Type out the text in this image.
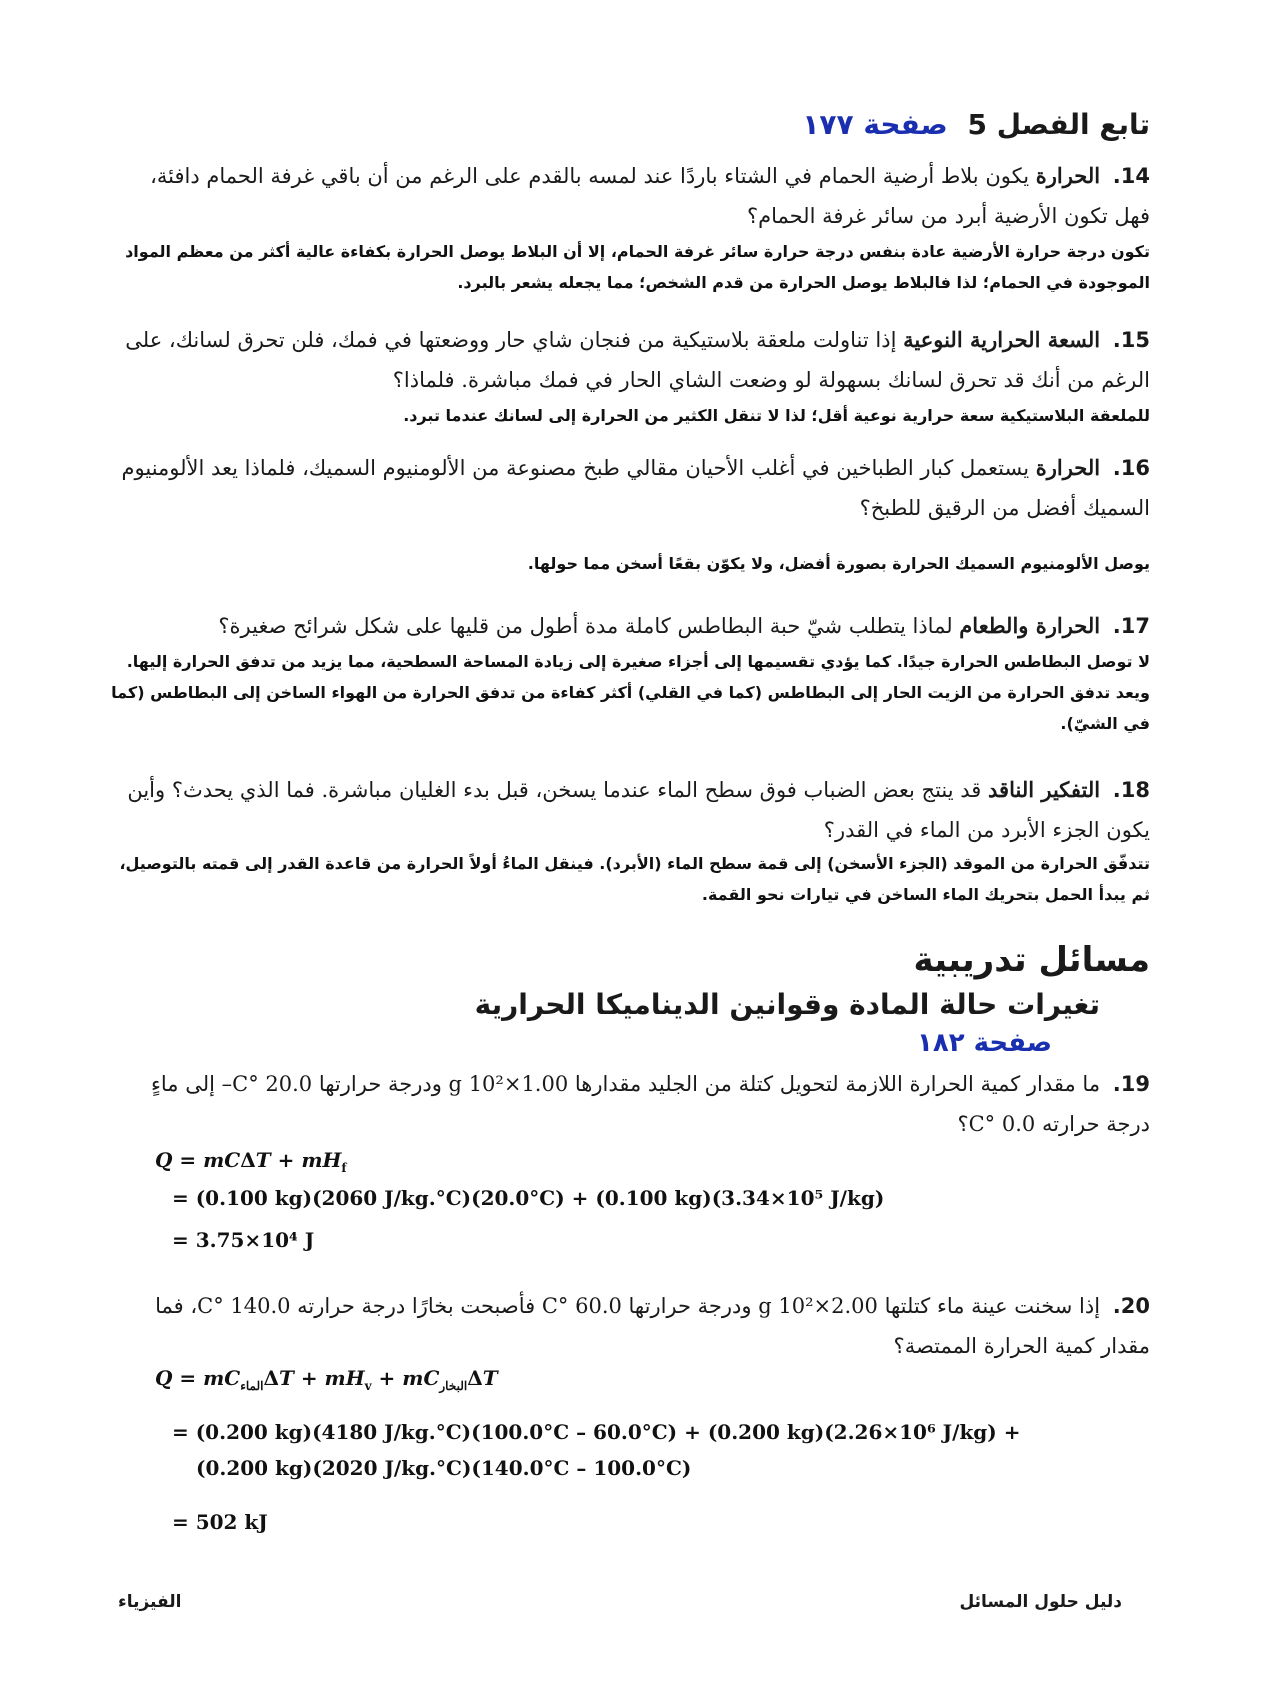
تابع الفصل 5 صفحة ١٧٧
14. الحرارة يكون بلاط أرضية الحمام في الشتاء باردًا عند لمسه بالقدم على الرغم من أن باقي غرفة الحمام دافئة، فهل تكون الأرضية أبرد من سائر غرفة الحمام؟
تكون درجة حرارة الأرضية عادة بنفس درجة حرارة سائر غرفة الحمام، إلا أن البلاط يوصل الحرارة بكفاءة عالية أكثر من معظم المواد الموجودة في الحمام؛ لذا فالبلاط يوصل الحرارة من قدم الشخص؛ مما يجعله يشعر بالبرد.
15. السعة الحرارية النوعية إذا تناولت ملعقة بلاستيكية من فنجان شاي حار ووضعتها في فمك، فلن تحرق لسانك، على الرغم من أنك قد تحرق لسانك بسهولة لو وضعت الشاي الحار في فمك مباشرة. فلماذا؟
للملعقة البلاستيكية سعة حرارية نوعية أقل؛ لذا لا تنقل الكثير من الحرارة إلى لسانك عندما تبرد.
16. الحرارة يستعمل كبار الطباخين في أغلب الأحيان مقالي طبخ مصنوعة من الألومنيوم السميك، فلماذا يعد الألومنيوم السميك أفضل من الرقيق للطبخ؟
يوصل الألومنيوم السميك الحرارة بصورة أفضل، ولا يكوّن بقعًا أسخن مما حولها.
17. الحرارة والطعام لماذا يتطلب شيّ حبة البطاطس كاملة مدة أطول من قليها على شكل شرائح صغيرة؟
لا توصل البطاطس الحرارة جيدًا. كما يؤدي تقسيمها إلى أجزاء صغيرة إلى زيادة المساحة السطحية، مما يزيد من تدفق الحرارة إليها. ويعد تدفق الحرارة من الزيت الحار إلى البطاطس (كما في القلي) أكثر كفاءة من تدفق الحرارة من الهواء الساخن إلى البطاطس (كما في الشيّ).
18. التفكير الناقد قد ينتج بعض الضباب فوق سطح الماء عندما يسخن، قبل بدء الغليان مباشرة. فما الذي يحدث؟ وأين يكون الجزء الأبرد من الماء في القدر؟
تتدفّق الحرارة من الموقد (الجزء الأسخن) إلى قمة سطح الماء (الأبرد). فينقل الماءُ أولاً الحرارة من قاعدة القدر إلى قمته بالتوصيل، ثم يبدأ الحمل بتحريك الماء الساخن في تيارات نحو القمة.
مسائل تدريبية
تغيرات حالة المادة وقوانين الديناميكا الحرارية
صفحة ١٨٢
19. ما مقدار كمية الحرارة اللازمة لتحويل كتلة من الجليد مقدارها 1.00×10² g ودرجة حرارتها 20.0 °C– إلى ماءٍ درجة حرارته 0.0 °C؟
$Q = mC\Delta T + mH_f$
= (0.100 kg)(2060 J/kg.°C)(20.0°C) + (0.100 kg)(3.34×10⁵ J/kg)
= 3.75×10⁴ J
20. إذا سخنت عينة ماء كتلتها 2.00×10² g ودرجة حرارتها 60.0 °C فأصبحت بخارًا درجة حرارته 140.0 °C، فما مقدار كمية الحرارة الممتصة؟
$Q = mC_{الماء}\Delta T + mH_v + mC_{البخار}\Delta T$
= (0.200 kg)(4180 J/kg.°C)(100.0°C – 60.0°C) + (0.200 kg)(2.26×10⁶ J/kg) +
(0.200 kg)(2020 J/kg.°C)(140.0°C – 100.0°C)
= 502 kJ
الفيزياء	دليل حلول المسائل
